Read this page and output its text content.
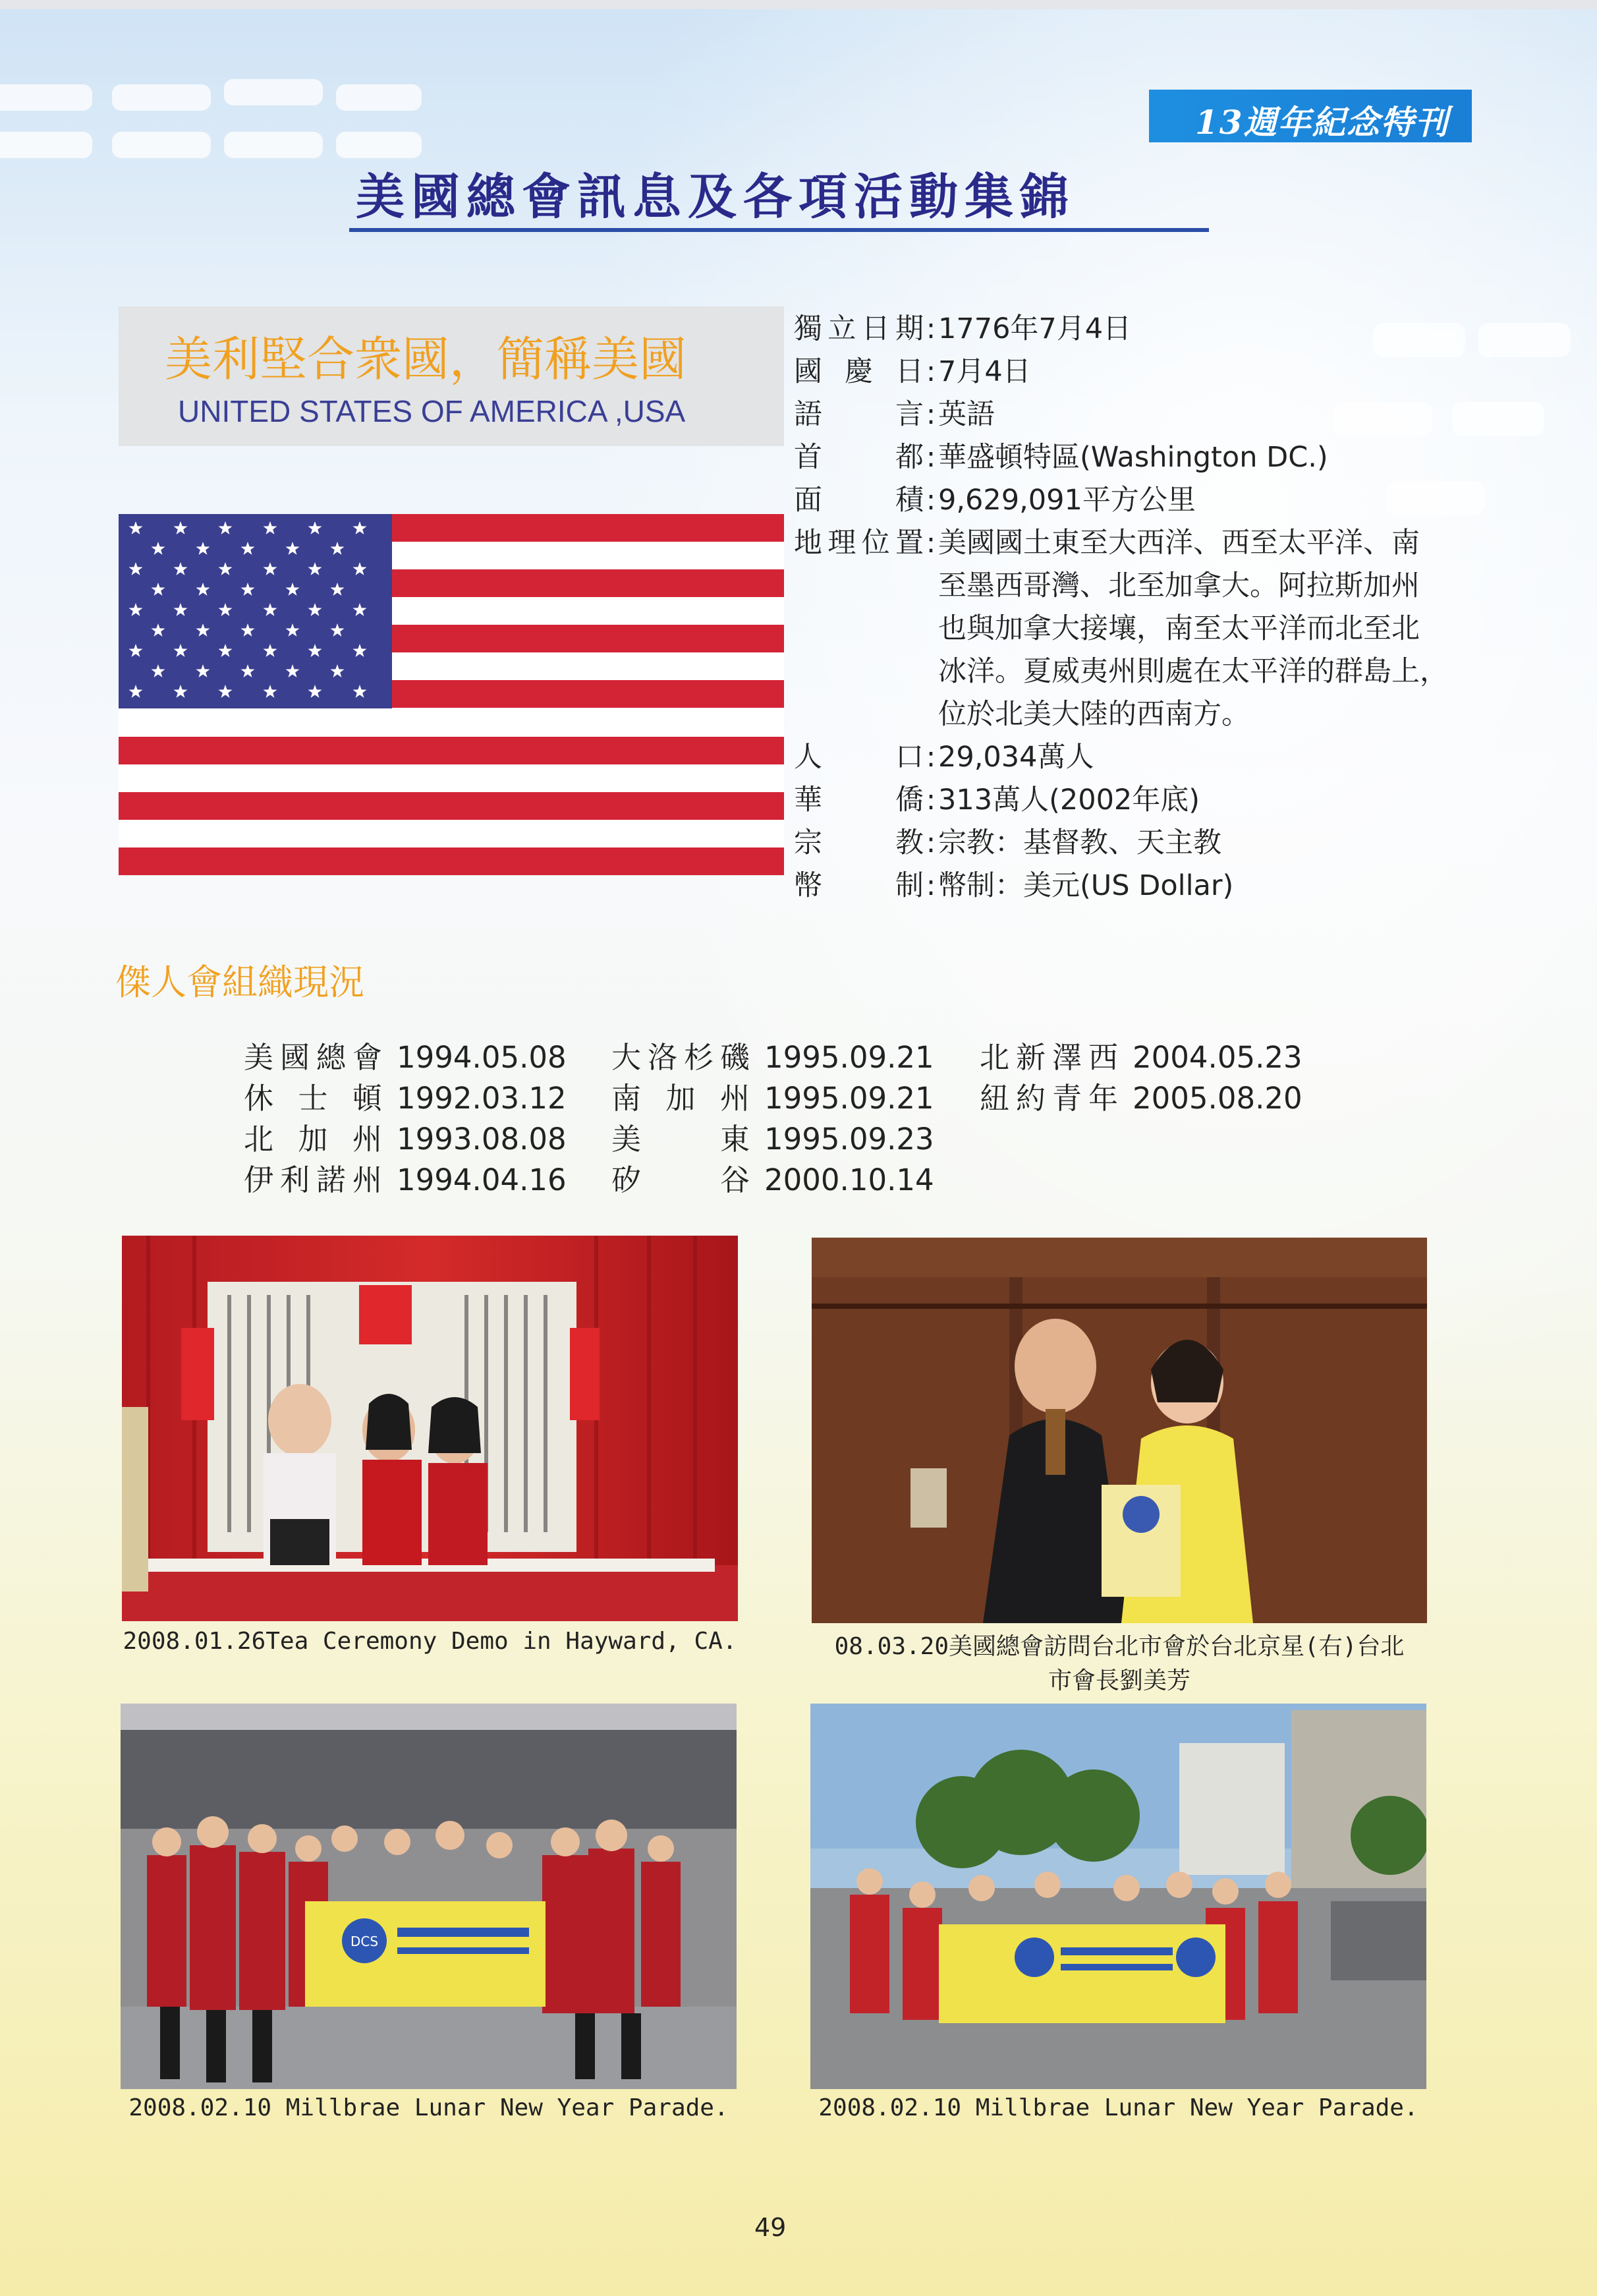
13週年紀念特刊
美國總會訊息及各項活動集錦
美利堅合衆國，簡稱美國
UNITED STATES OF AMERICA ,USA
獨立日期:1776年7月4日
國慶日:7月4日
語言:英語
首都:華盛頓特區(Washington DC.)
面積:9,629,091平方公里
地理位置:美國國土東至大西洋、西至太平洋、南
至墨西哥灣、北至加拿大。阿拉斯加州
也與加拿大接壤，南至太平洋而北至北
冰洋。夏威夷州則處在太平洋的群島上，
位於北美大陸的西南方。
人口:29,034萬人
華僑:313萬人(2002年底)
宗教:宗教：基督教、天主教
幣制:幣制：美元(US Dollar)
傑人會組織現況
美國總會 1994.05.08
休士頓 1992.03.12
北加州 1993.08.08
伊利諾州 1994.04.16
大洛杉磯 1995.09.21
南加州 1995.09.21
美東 1995.09.23
矽谷 2000.10.14
北新澤西 2004.05.23
紐約青年 2005.08.20
2008.01.26Tea Ceremony Demo in Hayward, CA.	08.03.20美國總會訪問台北市會於台北京星(右)台北
市會長劉美芳
DCS
2008.02.10 Millbrae Lunar New Year Parade.	2008.02.10 Millbrae Lunar New Year Parade.
49
